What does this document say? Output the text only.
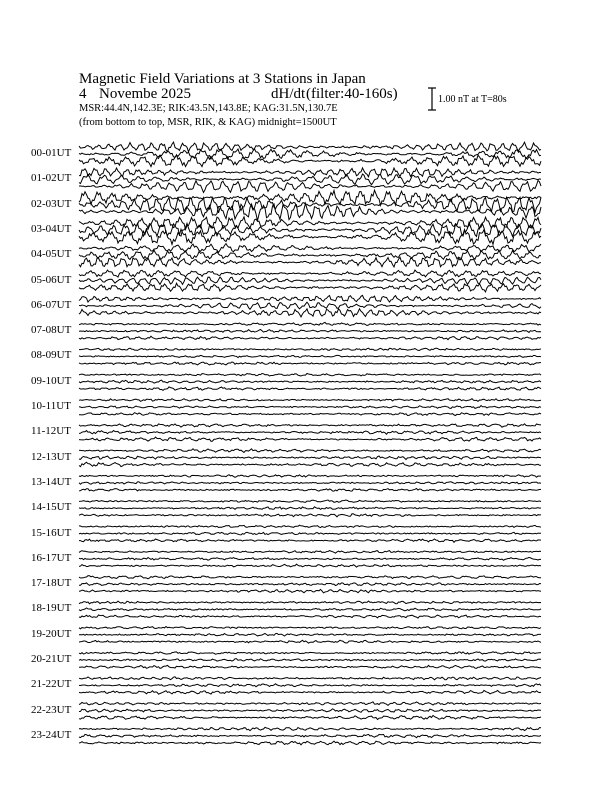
Magnetic Field Variations at 3 Stations in Japan
4 Novembe 2025	dH/dt (filter:40-160s)
MSR:44.4N,142.3E; RIK:43.5N,143.8E; KAG:31.5N,130.7E
(from bottom to top, MSR, RIK, & KAG) midnight=1500UT
1.00 nT at T=80s
00-01UT
01-02UT
02-03UT
03-04UT
04-05UT
05-06UT
06-07UT
07-08UT
08-09UT
09-10UT
10-11UT
11-12UT
12-13UT
13-14UT
14-15UT
15-16UT
16-17UT
17-18UT
18-19UT
19-20UT
20-21UT
21-22UT
22-23UT
23-24UT
